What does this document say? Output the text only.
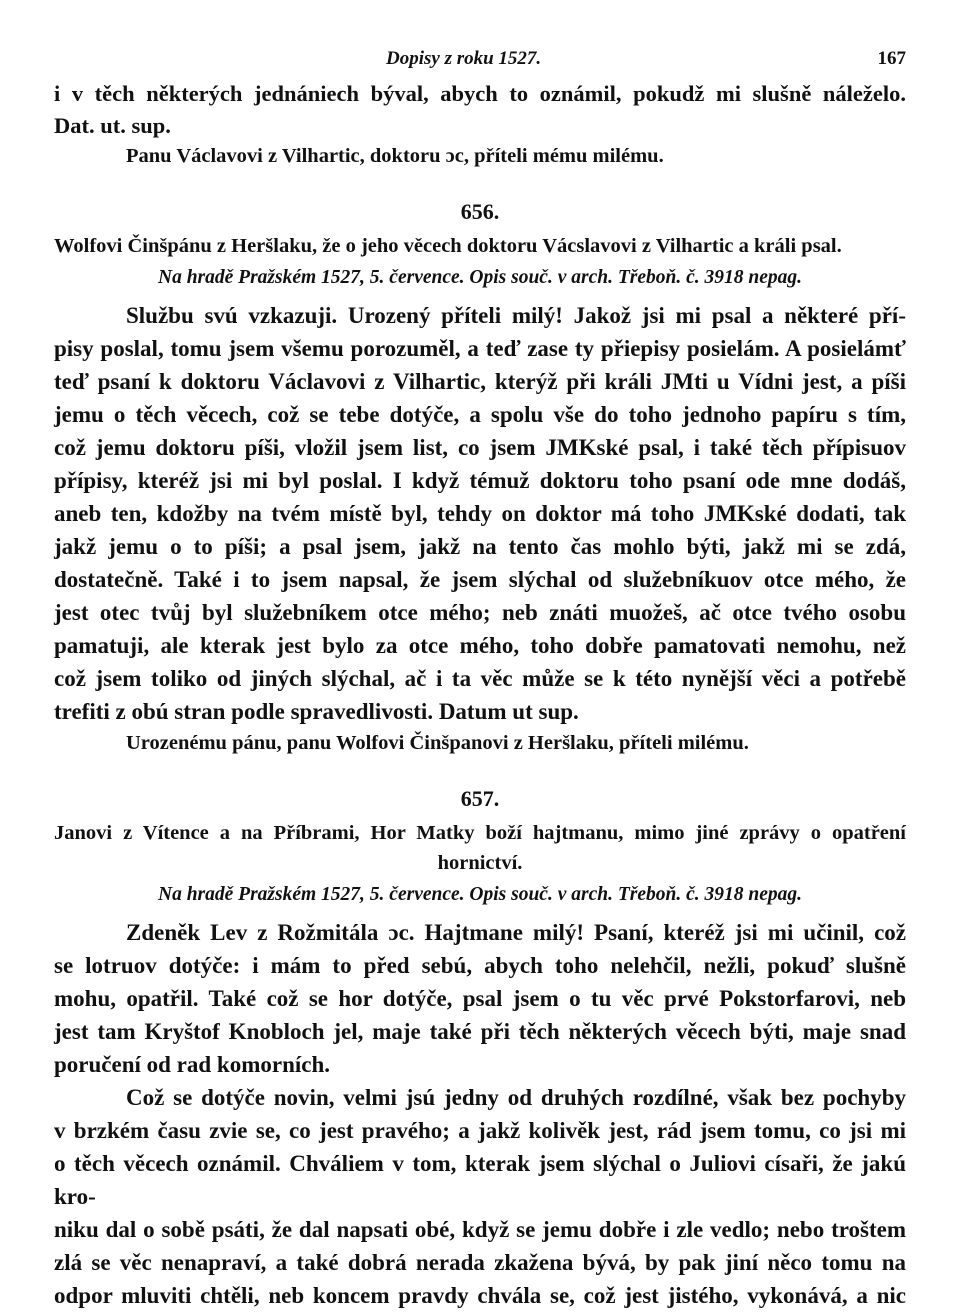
Dopisy z roku 1527.	167

i v těch některých jednániech býval, abych to oznámil, pokudž mi slušně náleželo.
Dat. ut. sup.

Panu Václavovi z Vilhartic, doktoru ɔc, příteli mému milému.

656.

Wolfovi Činšpánu z Heršlaku, že o jeho věcech doktoru Vácslavovi z Vilhartic a králi psal.

Na hradě Pražském 1527, 5. července. Opis souč. v arch. Třeboň. č. 3918 nepag.

Službu svú vzkazuji. Urozený příteli milý! Jakož jsi mi psal a některé pří-
pisy poslal, tomu jsem všemu porozuměl, a teď zase ty přiepisy posielám. A posielámť
teď psaní k doktoru Václavovi z Vilhartic, kterýž při králi JMti u Vídni jest, a píši
jemu o těch věcech, což se tebe dotýče, a spolu vše do toho jednoho papíru s tím,
což jemu doktoru píši, vložil jsem list, co jsem JMKské psal, i také těch přípisuov
přípisy, kteréž jsi mi byl poslal. I když témuž doktoru toho psaní ode mne dodáš,
aneb ten, kdožby na tvém místě byl, tehdy on doktor má toho JMKské dodati, tak
jakž jemu o to píši; a psal jsem, jakž na tento čas mohlo býti, jakž mi se zdá,
dostatečně. Také i to jsem napsal, že jsem slýchal od služebníkuov otce mého, že
jest otec tvůj byl služebníkem otce mého; neb znáti muožeš, ač otce tvého osobu
pamatuji, ale kterak jest bylo za otce mého, toho dobře pamatovati nemohu, než
což jsem toliko od jiných slýchal, ač i ta věc může se k této nynější věci a potřebě
trefiti z obú stran podle spravedlivosti. Datum ut sup.

Urozenému pánu, panu Wolfovi Činšpanovi z Heršlaku, příteli milému.

657.

Janovi z Vítence a na Příbrami, Hor Matky boží hajtmanu, mimo jiné zprávy o opatření
hornictví.

Na hradě Pražském 1527, 5. července. Opis souč. v arch. Třeboň. č. 3918 nepag.

Zdeněk Lev z Rožmitála ɔc. Hajtmane milý! Psaní, kteréž jsi mi učinil, což
se lotruov dotýče: i mám to před sebú, abych toho nelehčil, nežli, pokuď slušně
mohu, opatřil. Také což se hor dotýče, psal jsem o tu věc prvé Pokstorfarovi, neb
jest tam Kryštof Knobloch jel, maje také při těch některých věcech býti, maje snad
poručení od rad komorních.

Což se dotýče novin, velmi jsú jedny od druhých rozdílné, však bez pochyby
v brzkém času zvie se, co jest pravého; a jakž kolivěk jest, rád jsem tomu, co jsi mi
o těch věcech oznámil. Chváliem v tom, kterak jsem slýchal o Juliovi císaři, že jakú kro-
niku dal o sobě psáti, že dal napsati obé, když se jemu dobře i zle vedlo; nebo troštem
zlá se věc nenapraví, a také dobrá nerada zkažena bývá, by pak jiní něco tomu na
odpor mluviti chtěli, neb koncem pravdy chvála se, což jest jistého, vykonává, a nic
